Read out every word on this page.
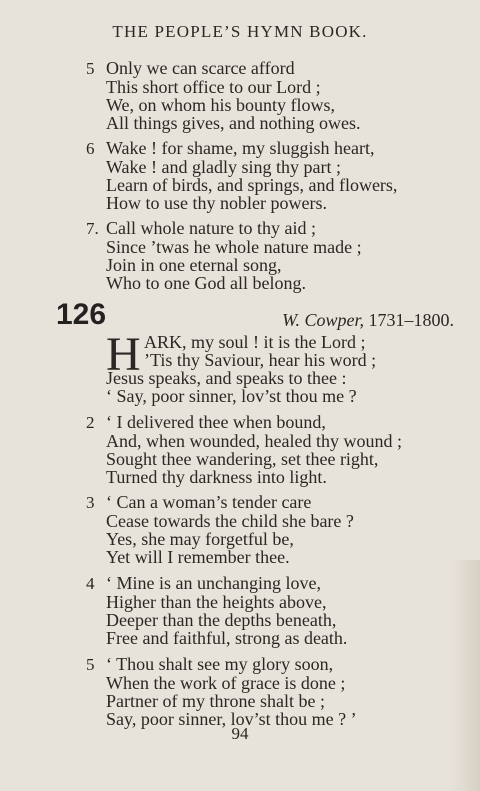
THE PEOPLE’S HYMN BOOK.
5 Only we can scarce afford
This short office to our Lord ;
We, on whom his bounty flows,
All things gives, and nothing owes.
6 Wake ! for shame, my sluggish heart,
Wake ! and gladly sing thy part ;
Learn of birds, and springs, and flowers,
How to use thy nobler powers.
7. Call whole nature to thy aid ;
Since ’twas he whole nature made ;
Join in one eternal song,
Who to one God all belong.
126	W. Cowper, 1731–1800.
H ARK, my soul ! it is the Lord ;
’Tis thy Saviour, hear his word ;
Jesus speaks, and speaks to thee :
‘ Say, poor sinner, lov’st thou me ?
2 ‘ I delivered thee when bound,
And, when wounded, healed thy wound ;
Sought thee wandering, set thee right,
Turned thy darkness into light.
3 ‘ Can a woman’s tender care
Cease towards the child she bare ?
Yes, she may forgetful be,
Yet will I remember thee.
4 ‘ Mine is an unchanging love,
Higher than the heights above,
Deeper than the depths beneath,
Free and faithful, strong as death.
5 ‘ Thou shalt see my glory soon,
When the work of grace is done ;
Partner of my throne shalt be ;
Say, poor sinner, lov’st thou me ? ’
94
